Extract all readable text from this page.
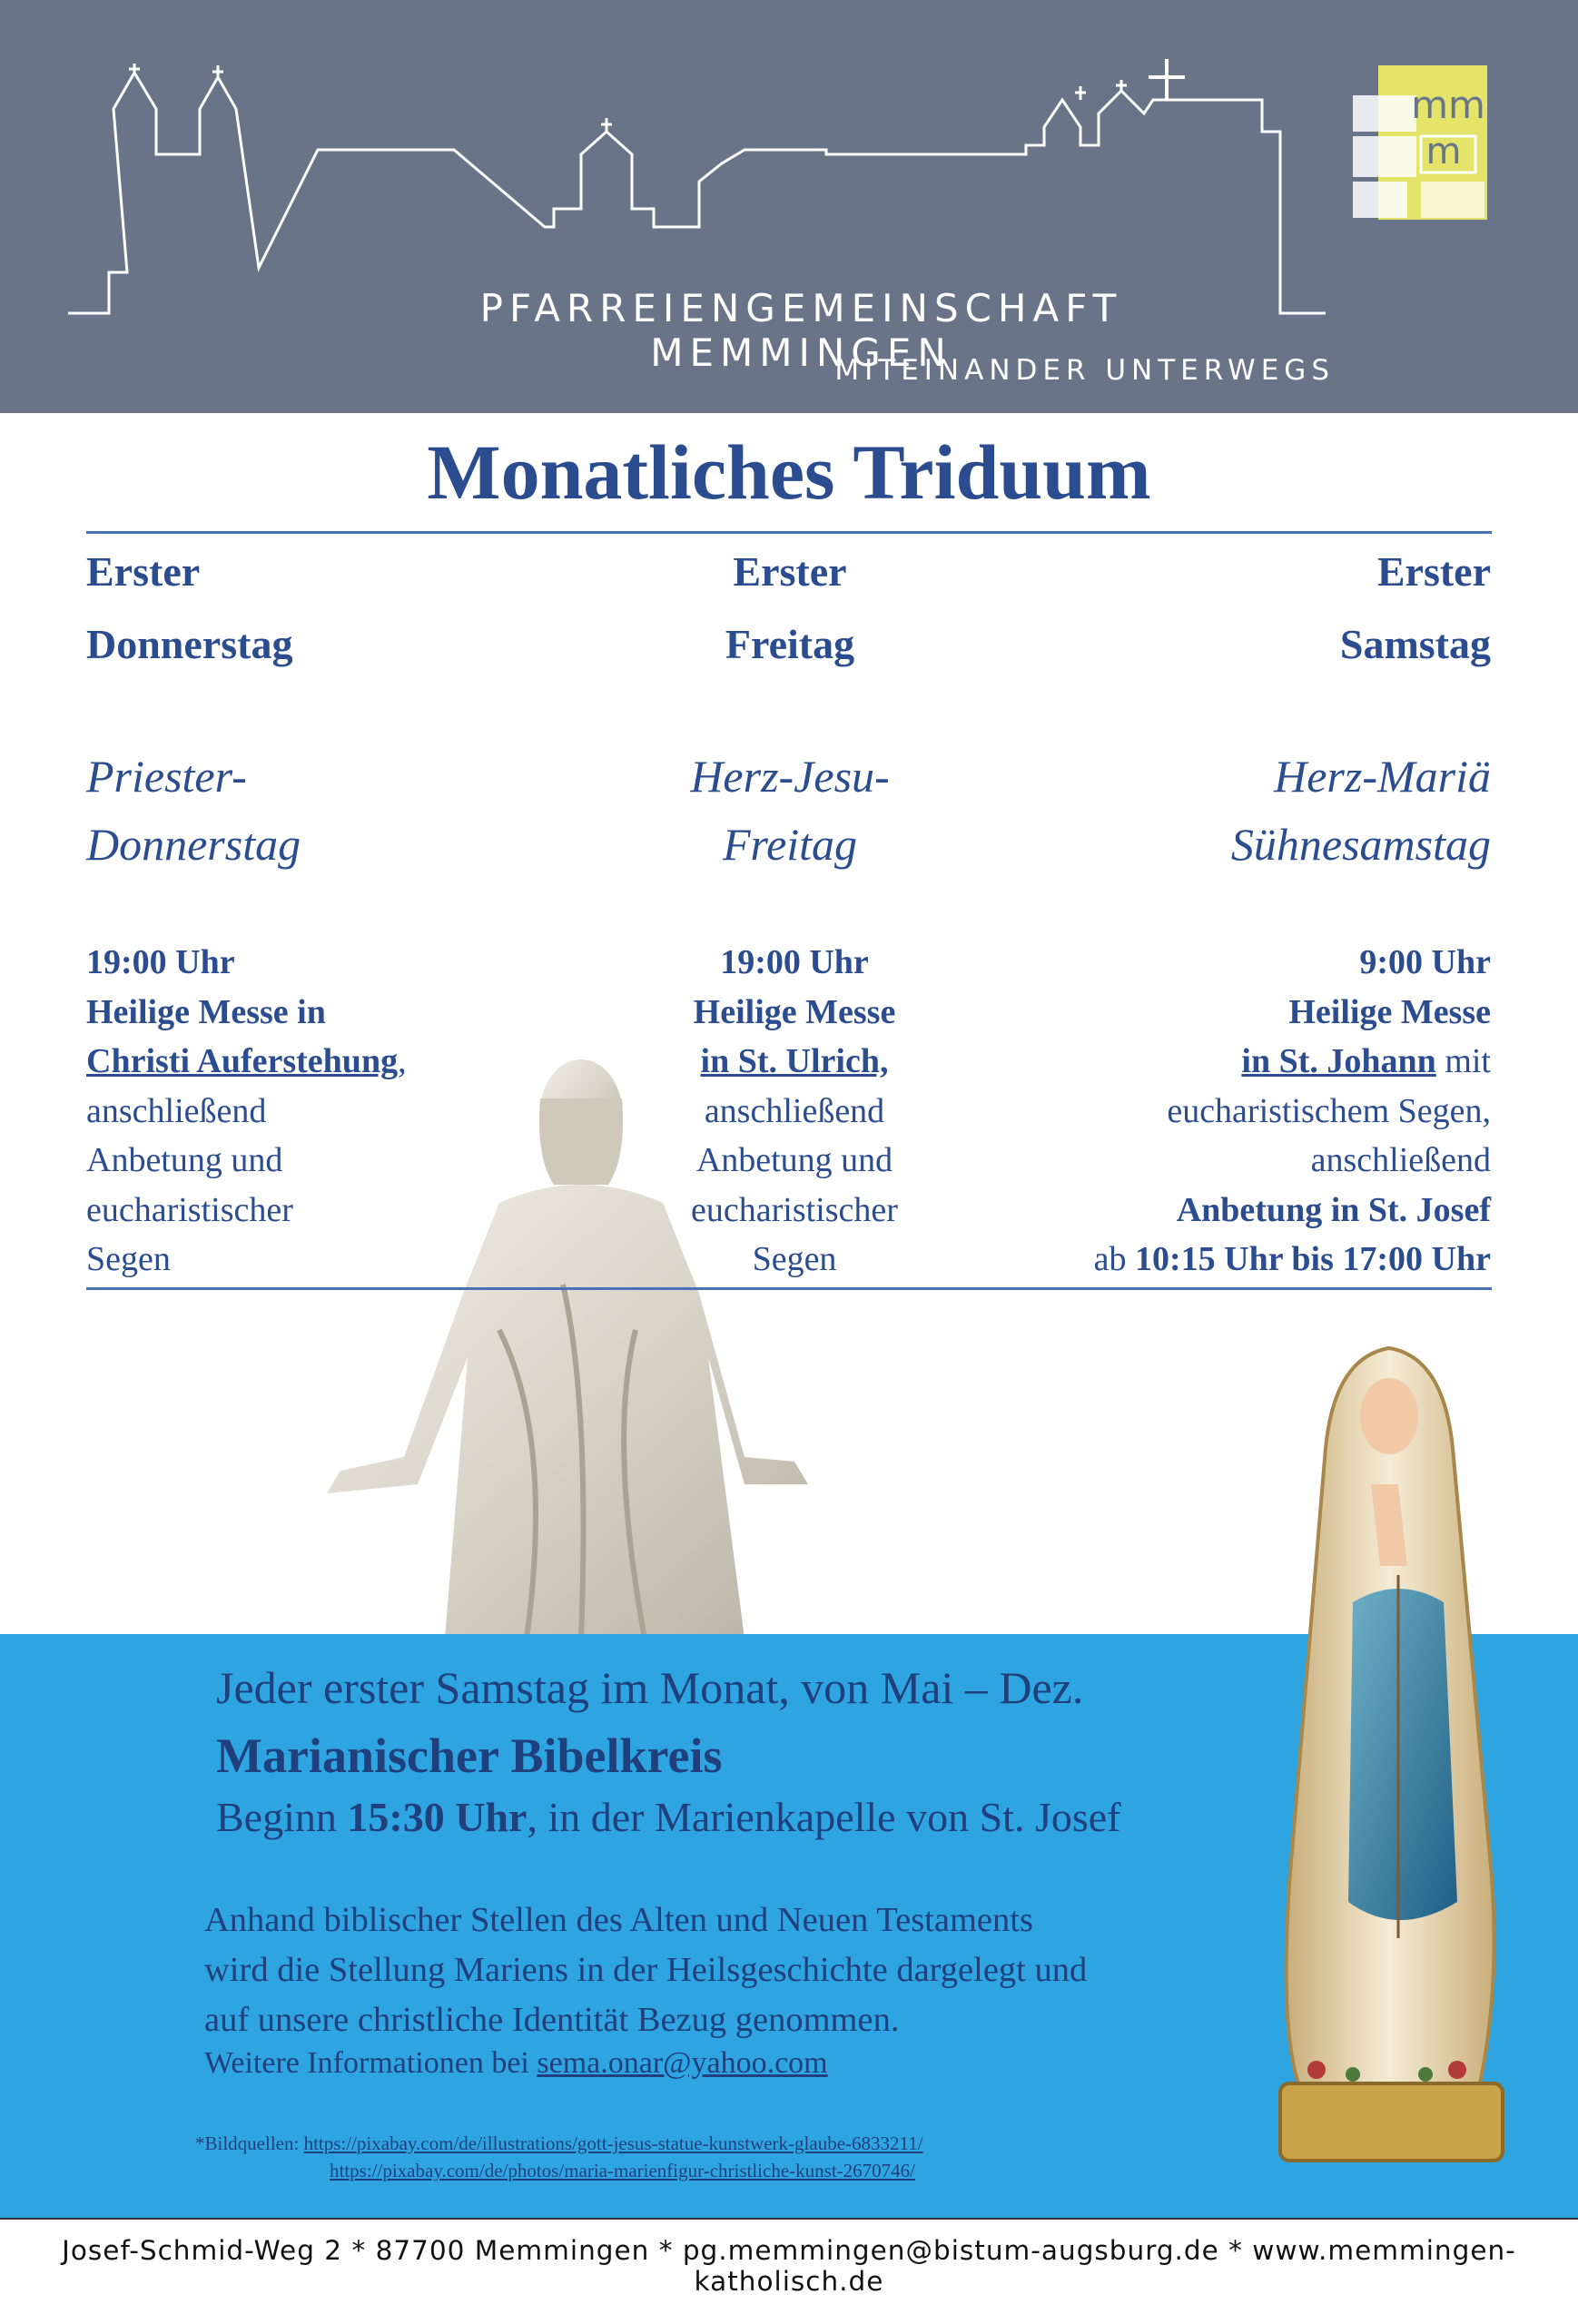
PFARREIENGEMEINSCHAFT MEMMINGEN
MITEINANDER UNTERWEGS
mm
m
Monatliches Triduum
Erster
Donnerstag
Erster
Freitag
Erster
Samstag
Priester-
Donnerstag
Herz-Jesu-
Freitag
Herz-Mariä
Sühnesamstag
19:00 Uhr
Heilige Messe in
Christi Auferstehung,
anschließend
Anbetung und
eucharistischer
Segen
19:00 Uhr
Heilige Messe
in St. Ulrich,
anschließend
Anbetung und
eucharistischer
Segen
9:00 Uhr
Heilige Messe
in St. Johann mit
eucharistischem Segen,
anschließend
Anbetung in St. Josef
ab 10:15 Uhr bis 17:00 Uhr
Jeder erster Samstag im Monat, von Mai – Dez.
Marianischer Bibelkreis
Beginn 15:30 Uhr, in der Marienkapelle von St. Josef
Anhand biblischer Stellen des Alten und Neuen Testaments
wird die Stellung Mariens in der Heilsgeschichte dargelegt und
auf unsere christliche Identität Bezug genommen.
Weitere Informationen bei sema.onar@yahoo.com
*Bildquellen: https://pixabay.com/de/illustrations/gott-jesus-statue-kunstwerk-glaube-6833211/
https://pixabay.com/de/photos/maria-marienfigur-christliche-kunst-2670746/
Josef-Schmid-Weg 2 * 87700 Memmingen * pg.memmingen@bistum-augsburg.de * www.memmingen-katholisch.de
